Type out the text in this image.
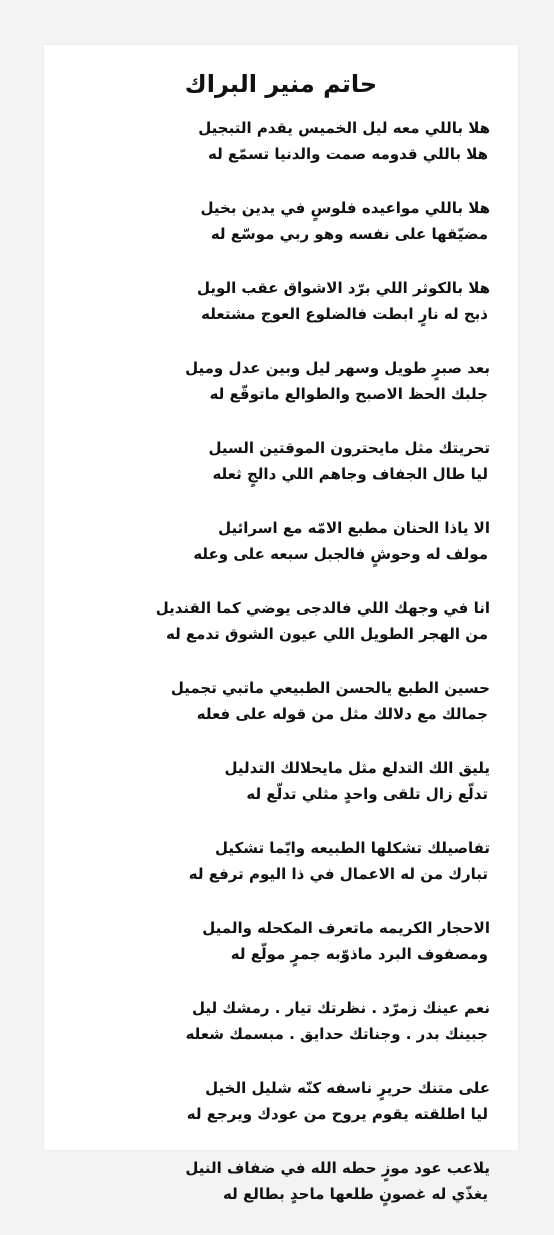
حاتم منير البراك
هلا باللي معه ليل الخميس يقدم التبجيل
هلا باللي قدومه صمت والدنيا تسمّع له
هلا باللي مواعيده فلوسٍ في يدين بخيل
مضيّقها على نفسه وهو ربي موسّع له
هلا بالكوثر اللي برّد الاشواق عقب الويل
ذبح له نارٍ ابطت فالضلوع العوج مشتعله
بعد صبرٍ طويل وسهر ليل وبين عدل وميل
جلبك الحظ الاصبح والطوالع ماتوقّع له
تحريتك مثل مايحترون الموقتين السيل
ليا طال الجفاف وجاهم اللي دالجٍ ثعله
الا ياذا الحنان مطبع الامّه مع اسرائيل
مولف له وحوشٍ فالجبل سبعه على وعله
انا في وجهك اللي فالدجى يوضي كما القنديل
من الهجر الطويل اللي عيون الشوق تدمع له
حسين الطبع يالحسن الطبيعي ماتبي تجميل
جمالك مع دلالك مثل من قوله على فعله
يليق الك التدلع مثل مايحلالك التدليل
تدلّع زال تلقى واحدٍ مثلي تدلّع له
تفاصيلك تشكلها الطبيعه وايّما تشكيل
تبارك من له الاعمال في ذا اليوم ترفع له
الاحجار الكريمه ماتعرف المكحله والميل
ومصفوف البرد ماذوّبه جمرٍ مولّع له
نعم عينك زمرّد . نظرتك تيار . رمشك ليل
جبينك بدر . وجناتك حدايق . مبسمك شعله
على متنك حريرٍ ناسفه كنّه شليل الخيل
ليا اطلقته يقوم يروح من عودك ويرجع له
يلاعب عود موزٍ حطه الله في ضفاف النيل
يغذّي له غصونٍ طلعها ماحدٍ بطالع له
